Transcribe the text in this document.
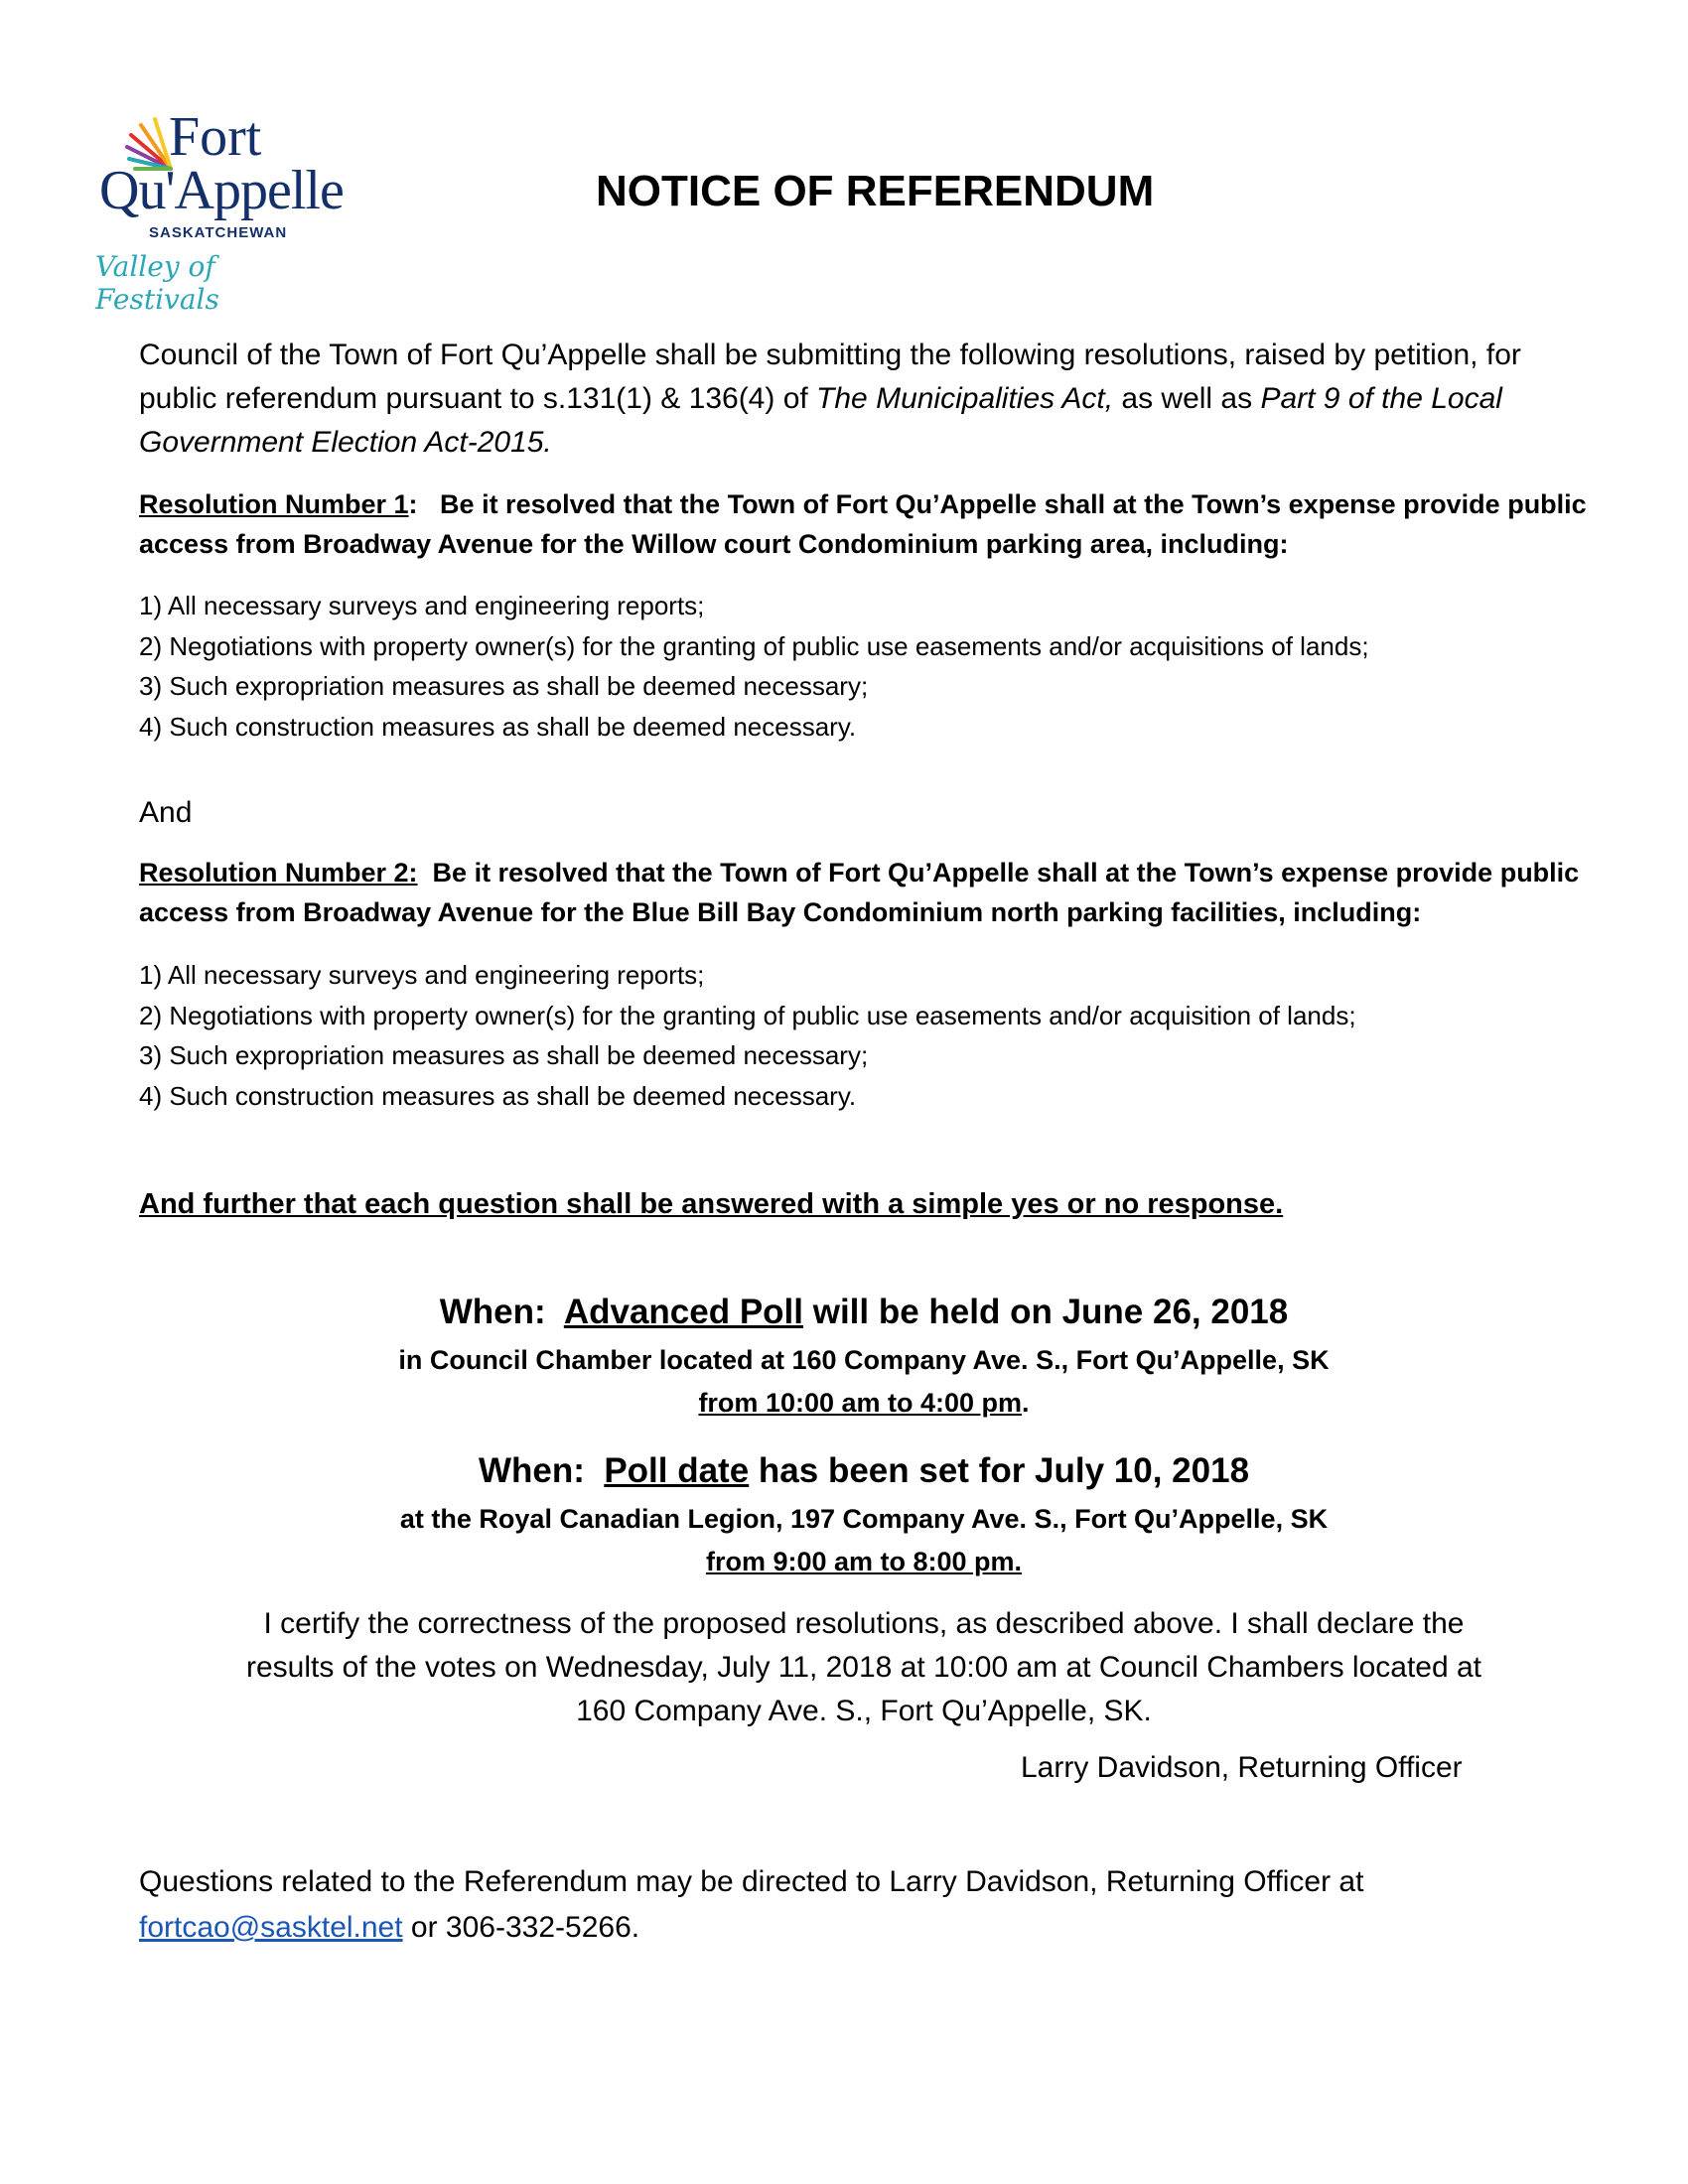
Fort
Qu'Appelle
SASKATCHEWAN
Valley of Festivals
NOTICE OF REFERENDUM
Council of the Town of Fort Qu’Appelle shall be submitting the following resolutions, raised by petition, for public referendum pursuant to s.131(1) & 136(4) of The Municipalities Act, as well as Part 9 of the Local Government Election Act-2015.
Resolution Number 1: Be it resolved that the Town of Fort Qu’Appelle shall at the Town’s expense provide public access from Broadway Avenue for the Willow court Condominium parking area, including:
1) All necessary surveys and engineering reports;
2) Negotiations with property owner(s) for the granting of public use easements and/or acquisitions of lands;
3) Such expropriation measures as shall be deemed necessary;
4) Such construction measures as shall be deemed necessary.
And
Resolution Number 2: Be it resolved that the Town of Fort Qu’Appelle shall at the Town’s expense provide public access from Broadway Avenue for the Blue Bill Bay Condominium north parking facilities, including:
1) All necessary surveys and engineering reports;
2) Negotiations with property owner(s) for the granting of public use easements and/or acquisition of lands;
3) Such expropriation measures as shall be deemed necessary;
4) Such construction measures as shall be deemed necessary.
And further that each question shall be answered with a simple yes or no response.
When: Advanced Poll will be held on June 26, 2018
in Council Chamber located at 160 Company Ave. S., Fort Qu’Appelle, SK
from 10:00 am to 4:00 pm.
When: Poll date has been set for July 10, 2018
at the Royal Canadian Legion, 197 Company Ave. S., Fort Qu’Appelle, SK
from 9:00 am to 8:00 pm.
I certify the correctness of the proposed resolutions, as described above. I shall declare the
results of the votes on Wednesday, July 11, 2018 at 10:00 am at Council Chambers located at
160 Company Ave. S., Fort Qu’Appelle, SK.
Larry Davidson, Returning Officer
Questions related to the Referendum may be directed to Larry Davidson, Returning Officer at
fortcao@sasktel.net or 306-332-5266.
